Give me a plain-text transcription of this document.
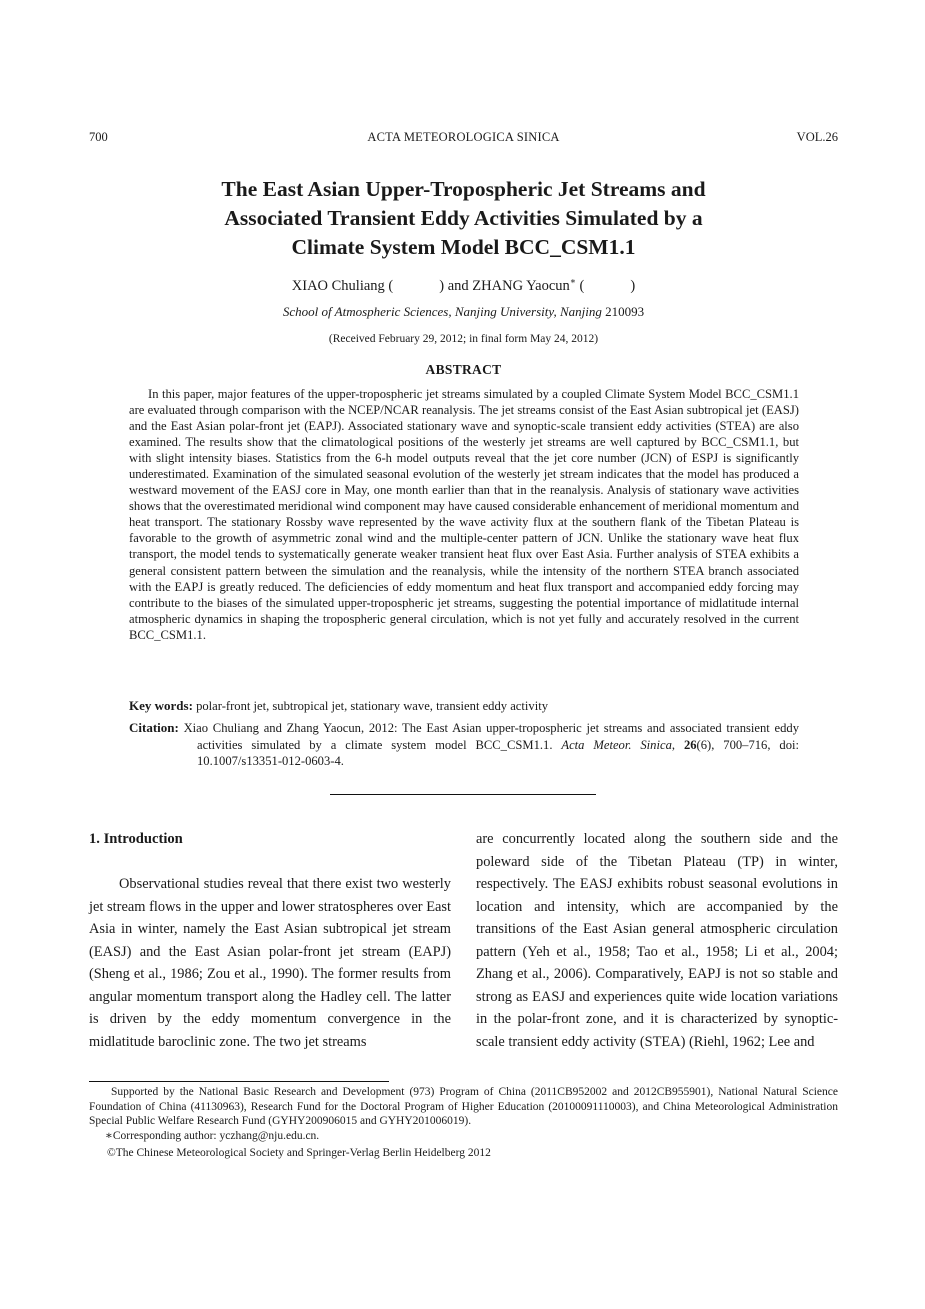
700	ACTA METEOROLOGICA SINICA	VOL.26
The East Asian Upper-Tropospheric Jet Streams and
Associated Transient Eddy Activities Simulated by a
Climate System Model BCC_CSM1.1
XIAO Chuliang (	) and ZHANG Yaocun∗ (	)
School of Atmospheric Sciences, Nanjing University, Nanjing 210093
(Received February 29, 2012; in final form May 24, 2012)
ABSTRACT

In this paper, major features of the upper-tropospheric jet streams simulated by a coupled Climate System Model BCC_CSM1.1 are evaluated through comparison with the NCEP/NCAR reanalysis. The jet streams consist of the East Asian subtropical jet (EASJ) and the East Asian polar-front jet (EAPJ). Associated stationary wave and synoptic-scale transient eddy activities (STEA) are also examined. The results show that the climatological positions of the westerly jet streams are well captured by BCC_CSM1.1, but with slight intensity biases. Statistics from the 6-h model outputs reveal that the jet core number (JCN) of ESPJ is significantly underestimated. Examination of the simulated seasonal evolution of the westerly jet stream indicates that the model has produced a westward movement of the EASJ core in May, one month earlier than that in the reanalysis. Analysis of stationary wave activities shows that the overestimated meridional wind component may have caused considerable enhancement of meridional momentum and heat transport. The stationary Rossby wave represented by the wave activity flux at the southern flank of the Tibetan Plateau is favorable to the growth of asymmetric zonal wind and the multiple-center pattern of JCN. Unlike the stationary wave heat flux transport, the model tends to systematically generate weaker transient heat flux over East Asia. Further analysis of STEA exhibits a general consistent pattern between the simulation and the reanalysis, while the intensity of the northern STEA branch associated with the EAPJ is greatly reduced. The deficiencies of eddy momentum and heat flux transport and accompanied eddy forcing may contribute to the biases of the simulated upper-tropospheric jet streams, suggesting the potential importance of midlatitude internal atmospheric dynamics in shaping the tropospheric general circulation, which is not yet fully and accurately resolved in the current BCC_CSM1.1.

Key words: polar-front jet, subtropical jet, stationary wave, transient eddy activity

Citation: Xiao Chuliang and Zhang Yaocun, 2012: The East Asian upper-tropospheric jet streams and associated transient eddy activities simulated by a climate system model BCC_CSM1.1. Acta Meteor. Sinica, 26(6), 700–716, doi: 10.1007/s13351-012-0603-4.

1. Introduction

Observational studies reveal that there exist two westerly jet stream flows in the upper and lower stratospheres over East Asia in winter, namely the East Asian subtropical jet stream (EASJ) and the East Asian polar-front jet stream (EAPJ) (Sheng et al., 1986; Zou et al., 1990). The former results from angular momentum transport along the Hadley cell. The latter is driven by the eddy momentum convergence in the midlatitude baroclinic zone. The two jet streams

are concurrently located along the southern side and the poleward side of the Tibetan Plateau (TP) in winter, respectively. The EASJ exhibits robust seasonal evolutions in location and intensity, which are accompanied by the transitions of the East Asian general atmospheric circulation pattern (Yeh et al., 1958; Tao et al., 1958; Li et al., 2004; Zhang et al., 2006). Comparatively, EAPJ is not so stable and strong as EASJ and experiences quite wide location variations in the polar-front zone, and it is characterized by synoptic-scale transient eddy activity (STEA) (Riehl, 1962; Lee and

Supported by the National Basic Research and Development (973) Program of China (2011CB952002 and 2012CB955901), National Natural Science Foundation of China (41130963), Research Fund for the Doctoral Program of Higher Education (20100091110003), and China Meteorological Administration Special Public Welfare Research Fund (GYHY200906015 and GYHY201006019).

∗Corresponding author: yczhang@nju.edu.cn.

©The Chinese Meteorological Society and Springer-Verlag Berlin Heidelberg 2012
